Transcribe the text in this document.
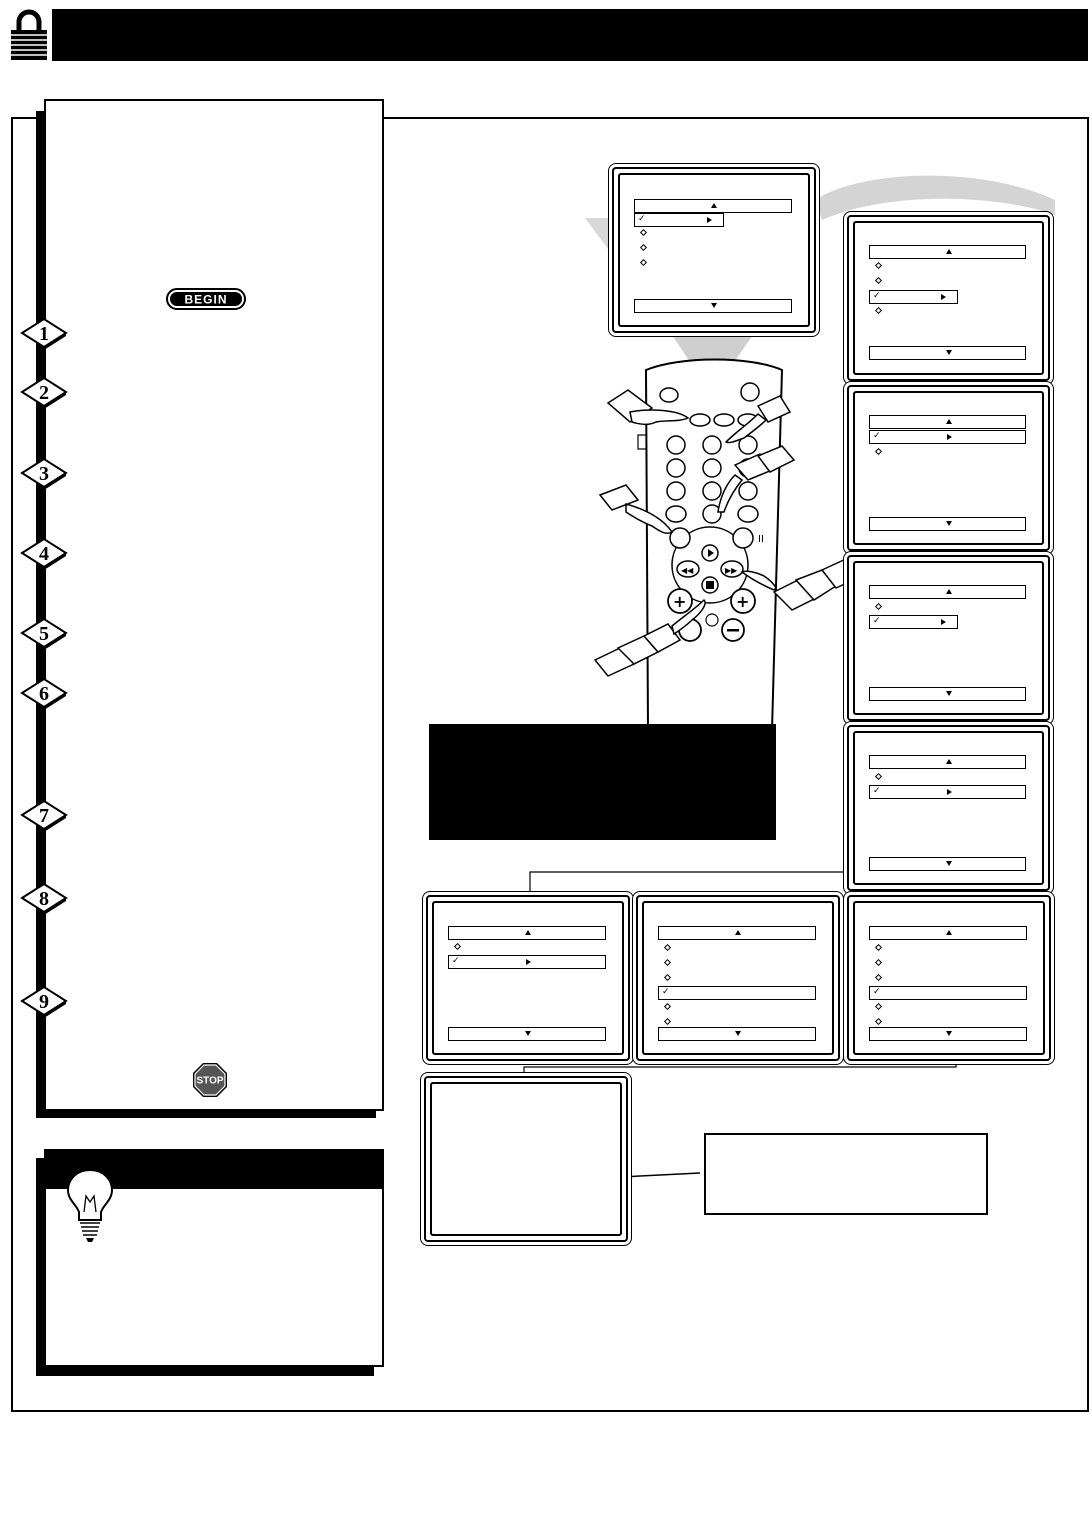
BEGIN
STOP
II
◀◀	▶▶
+	+
✓
✓
✓
✓
✓
✓
✓	✓
1
2
3
4
5
6
7
8
9
